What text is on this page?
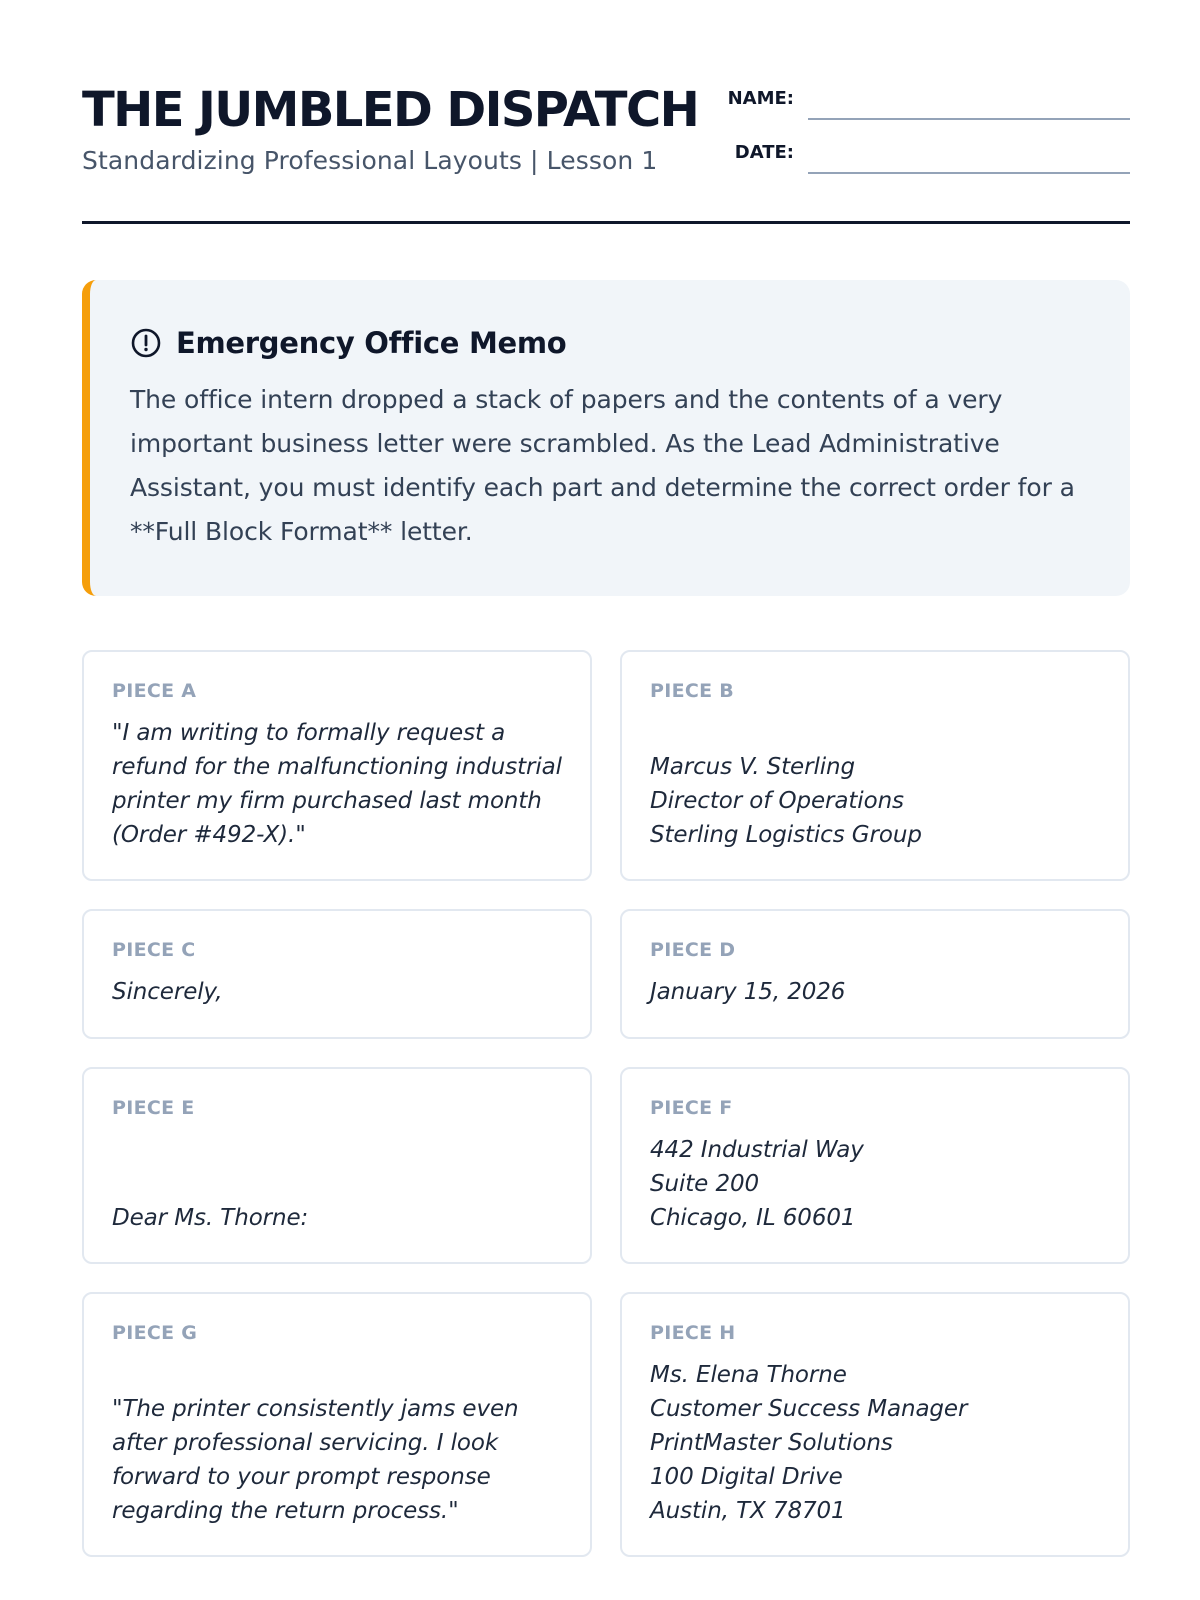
THE JUMBLED DISPATCH
Standardizing Professional Layouts | Lesson 1
NAME:
DATE:
Emergency Office Memo

The office intern dropped a stack of papers and the contents of a very important business letter were scrambled. As the Lead Administrative Assistant, you must identify each part and determine the correct order for a **Full Block Format** letter.

PIECE A
"I am writing to formally request a refund for the malfunctioning industrial printer my firm purchased last month (Order #492-X)."
PIECE B
Marcus V. Sterling
Director of Operations
Sterling Logistics Group
PIECE C
Sincerely,
PIECE D
January 15, 2026
PIECE E
Dear Ms. Thorne:
PIECE F
442 Industrial Way
Suite 200
Chicago, IL 60601
PIECE G
"The printer consistently jams even after professional servicing. I look forward to your prompt response regarding the return process."
PIECE H
Ms. Elena Thorne
Customer Success Manager
PrintMaster Solutions
100 Digital Drive
Austin, TX 78701
